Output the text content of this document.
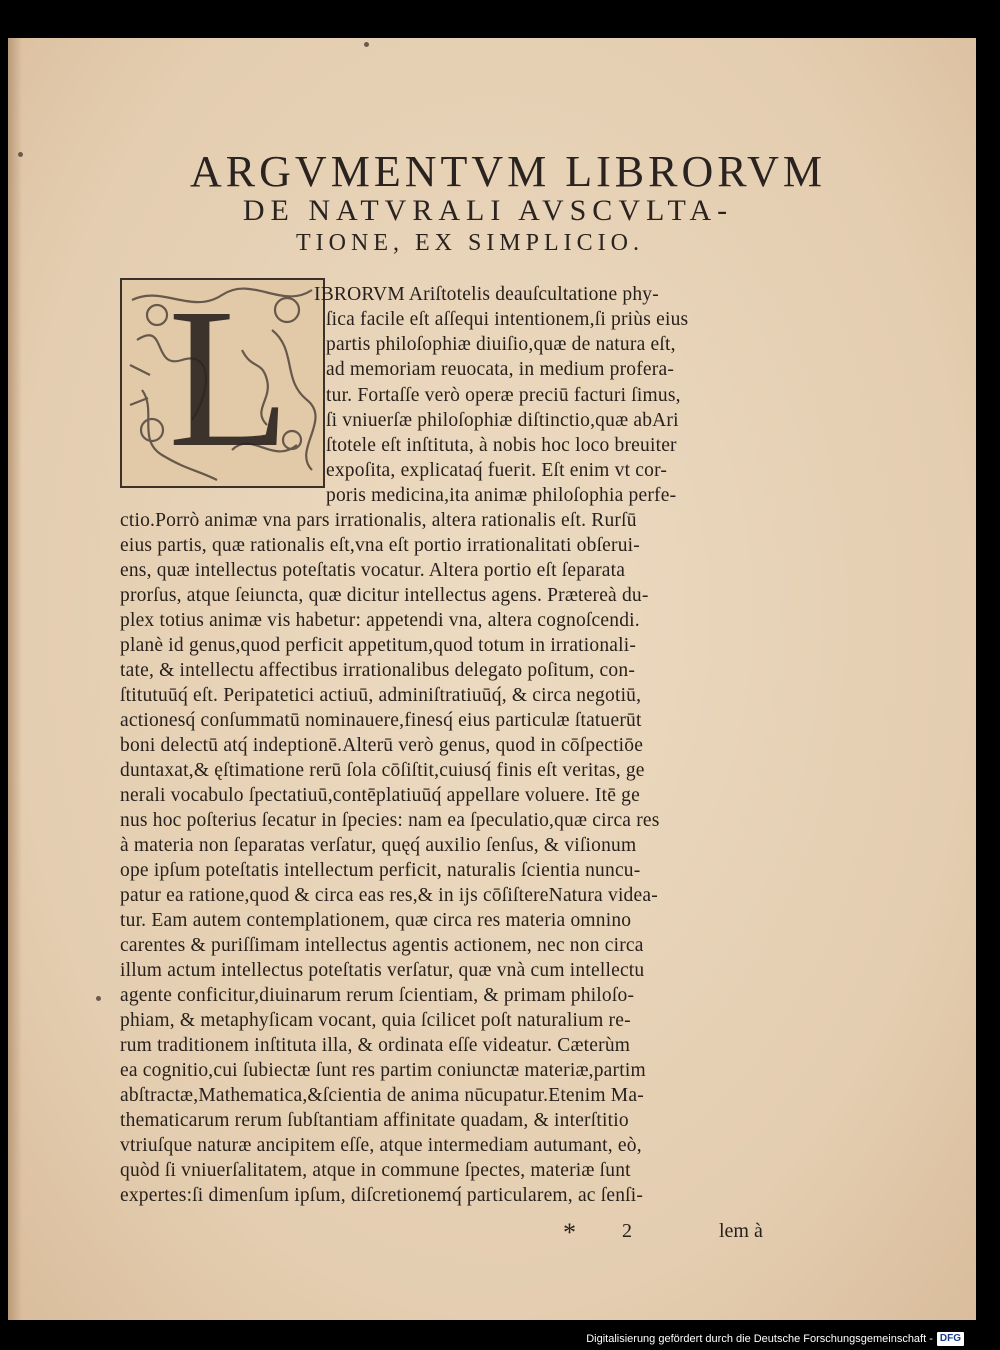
ARGVMENTVM LIBRORVM
DE NATVRALI AVSCVLTA-
TIONE, EX SIMPLICIO.
L IBRORVM Ariſtotelis deauſcultatione phy-
ſica facile eſt aſſequi intentionem,ſi priùs eius
partis philoſophiæ diuiſio,quæ de natura eſt,
ad memoriam reuocata, in medium profera-
tur. Fortaſſe verò operæ preciū facturi ſimus,
ſi vniuerſæ philoſophiæ diſtinctio,quæ abAri
ſtotele eſt inſtituta, à nobis hoc loco breuiter
expoſita, explicataq́ fuerit. Eſt enim vt cor-
poris medicina,ita animæ philoſophia perfe-
ctio.Porrò animæ vna pars irrationalis, altera rationalis eſt. Rurſū
eius partis, quæ rationalis eſt,vna eſt portio irrationalitati obſerui-
ens, quæ intellectus poteſtatis vocatur. Altera portio eſt ſeparata
prorſus, atque ſeiuncta, quæ dicitur intellectus agens. Prætereà du-
plex totius animæ vis habetur: appetendi vna, altera cognoſcendi.
planè id genus,quod perficit appetitum,quod totum in irrationali-
tate, & intellectu affectibus irrationalibus delegato poſitum, con-
ſtitutuūq́ eſt. Peripatetici actiuū, adminiſtratiuūq́, & circa negotiū,
actionesq́ conſummatū nominauere,finesq́ eius particulæ ſtatuerūt
boni delectū atq́ indeptionē.Alterū verò genus, quod in cōſpectiōe
duntaxat,& ęſtimatione rerū ſola cōſiſtit,cuiusq́ finis eſt veritas, ge
nerali vocabulo ſpectatiuū,contēplatiuūq́ appellare voluere. Itē ge
nus hoc poſterius ſecatur in ſpecies: nam ea ſpeculatio,quæ circa res
à materia non ſeparatas verſatur, quęq́ auxilio ſenſus, & viſionum
ope ipſum poteſtatis intellectum perficit, naturalis ſcientia nuncu-
patur ea ratione,quod & circa eas res,& in ijs cōſiſtereNatura videa-
tur. Eam autem contemplationem, quæ circa res materia omnino
carentes & puriſſimam intellectus agentis actionem, nec non circa
illum actum intellectus poteſtatis verſatur, quæ vnà cum intellectu
agente conficitur,diuinarum rerum ſcientiam, & primam philoſo-
phiam, & metaphyſicam vocant, quia ſcilicet poſt naturalium re-
rum traditionem inſtituta illa, & ordinata eſſe videatur. Cæterùm
ea cognitio,cui ſubiectæ ſunt res partim coniunctæ materiæ,partim
abſtractæ,Mathematica,&ſcientia de anima nūcupatur.Etenim Ma-
thematicarum rerum ſubſtantiam affinitate quadam, & interſtitio
vtriuſque naturæ ancipitem eſſe, atque intermediam autumant, eò,
quòd ſi vniuerſalitatem, atque in commune ſpectes, materiæ ſunt
expertes:ſi dimenſum ipſum, diſcretionemq́ particularem, ac ſenſi-
* 2	lem à
Digitalisierung gefördert durch die Deutsche Forschungsgemeinschaft - DFG
